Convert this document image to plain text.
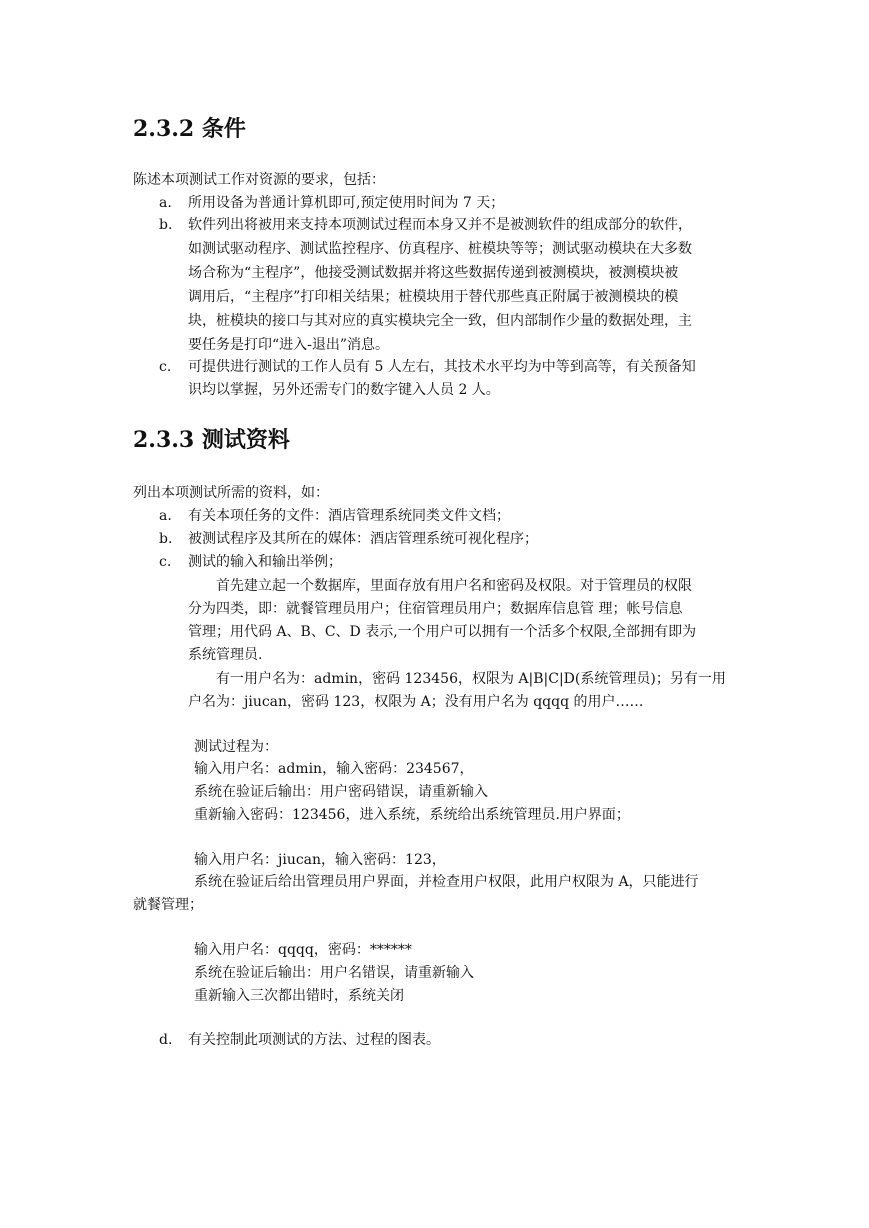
2.3.2 条件
陈述本项测试工作对资源的要求，包括：
a. 所用设备为普通计算机即可,预定使用时间为 7 天；
b. 软件列出将被用来支持本项测试过程而本身又并不是被测软件的组成部分的软件，
如测试驱动程序、测试监控程序、仿真程序、桩模块等等；测试驱动模块在大多数
场合称为“主程序”，他接受测试数据并将这些数据传递到被测模块，被测模块被
调用后，“主程序”打印相关结果；桩模块用于替代那些真正附属于被测模块的模
块，桩模块的接口与其对应的真实模块完全一致，但内部制作少量的数据处理，主
要任务是打印“进入-退出”消息。
c. 可提供进行测试的工作人员有 5 人左右，其技术水平均为中等到高等，有关预备知
识均以掌握，另外还需专门的数字键入人员 2 人。
2.3.3 测试资料
列出本项测试所需的资料，如：
a. 有关本项任务的文件：酒店管理系统同类文件文档；
b. 被测试程序及其所在的媒体：酒店管理系统可视化程序；
c. 测试的输入和输出举例；
首先建立起一个数据库，里面存放有用户名和密码及权限。对于管理员的权限
分为四类，即：就餐管理员用户；住宿管理员用户；数据库信息管 理；帐号信息
管理；用代码 A、B、C、D 表示,一个用户可以拥有一个活多个权限,全部拥有即为
系统管理员.
有一用户名为：admin，密码 123456，权限为 A|B|C|D(系统管理员)；另有一用
户名为：jiucan，密码 123，权限为 A；没有用户名为 qqqq 的用户……
测试过程为：
输入用户名：admin，输入密码：234567，
系统在验证后输出：用户密码错误，请重新输入
重新输入密码：123456，进入系统，系统给出系统管理员.用户界面；
输入用户名：jiucan，输入密码：123，
系统在验证后给出管理员用户界面，并检查用户权限，此用户权限为 A，只能进行
就餐管理；
输入用户名：qqqq，密码：******
系统在验证后输出：用户名错误，请重新输入
重新输入三次都出错时，系统关闭
d. 有关控制此项测试的方法、过程的图表。
